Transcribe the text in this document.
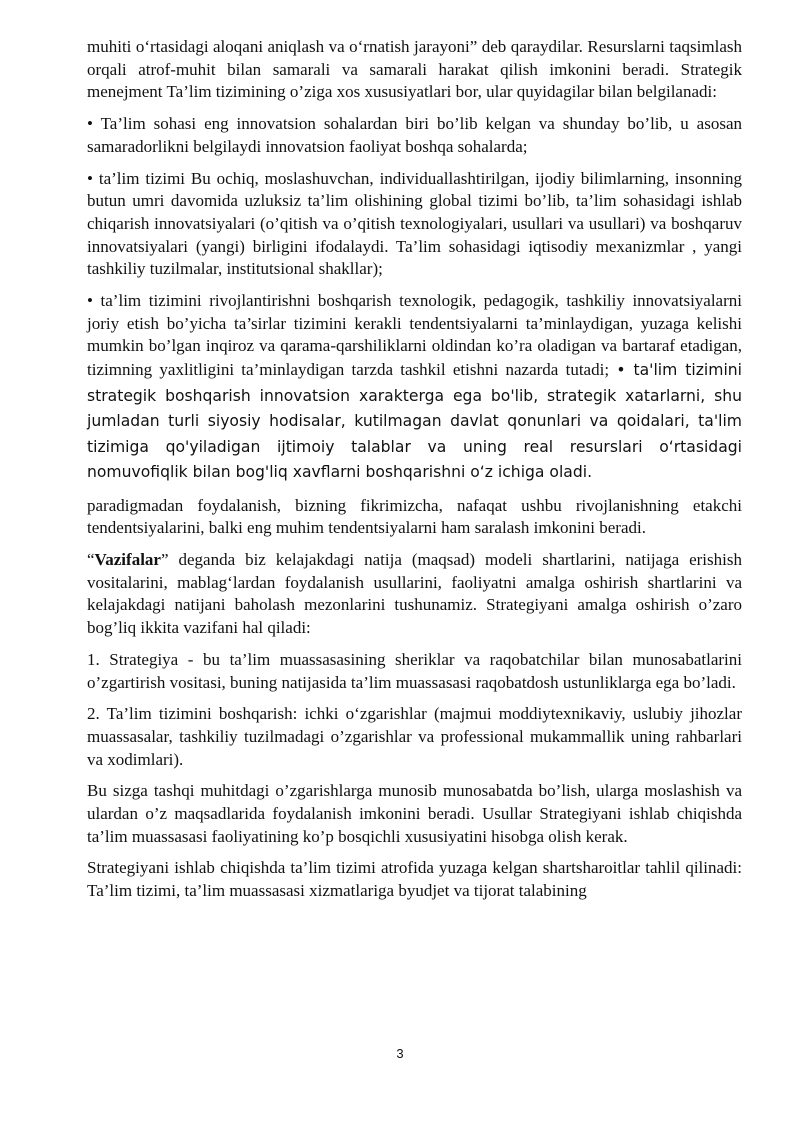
muhiti o‘rtasidagi aloqani aniqlash va o‘rnatish jarayoni” deb qaraydilar. Resurslarni taqsimlash orqali atrof-muhit bilan samarali va samarali harakat qilish imkonini beradi. Strategik menejment Ta’lim tizimining o’ziga xos xususiyatlari bor, ular quyidagilar bilan belgilanadi:

• Ta’lim sohasi eng innovatsion sohalardan biri bo’lib kelgan va shunday bo’lib, u asosan samaradorlikni belgilaydi innovatsion faoliyat boshqa sohalarda;

• ta’lim tizimi Bu ochiq, moslashuvchan, individuallashtirilgan, ijodiy bilimlarning, insonning butun umri davomida uzluksiz ta’lim olishining global tizimi bo’lib, ta’lim sohasidagi ishlab chiqarish innovatsiyalari (o’qitish va o’qitish texnologiyalari, usullari va usullari) va boshqaruv innovatsiyalari (yangi) birligini ifodalaydi. Ta’lim sohasidagi iqtisodiy mexanizmlar , yangi tashkiliy tuzilmalar, institutsional shakllar);

• ta’lim tizimini rivojlantirishni boshqarish texnologik, pedagogik, tashkiliy innovatsiyalarni joriy etish bo’yicha ta’sirlar tizimini kerakli tendentsiyalarni ta’minlaydigan, yuzaga kelishi mumkin bo’lgan inqiroz va qarama-qarshiliklarni oldindan ko’ra oladigan va bartaraf etadigan, tizimning yaxlitligini ta’minlaydigan tarzda tashkil etishni nazarda tutadi; • ta'lim tizimini strategik boshqarish innovatsion xarakterga ega bo'lib, strategik xatarlarni, shu jumladan turli siyosiy hodisalar, kutilmagan davlat qonunlari va qoidalari, ta'lim tizimiga qo'yiladigan ijtimoiy talablar va uning real resurslari o‘rtasidagi nomuvofiqlik bilan bog'liq xavflarni boshqarishni o‘z ichiga oladi.

paradigmadan foydalanish, bizning fikrimizcha, nafaqat ushbu rivojlanishning etakchi tendentsiyalarini, balki eng muhim tendentsiyalarni ham saralash imkonini beradi.

“Vazifalar” deganda biz kelajakdagi natija (maqsad) modeli shartlarini, natijaga erishish vositalarini, mablag‘lardan foydalanish usullarini, faoliyatni amalga oshirish shartlarini va kelajakdagi natijani baholash mezonlarini tushunamiz. Strategiyani amalga oshirish o’zaro bog’liq ikkita vazifani hal qiladi:

1. Strategiya - bu ta’lim muassasasining sheriklar va raqobatchilar bilan munosabatlarini o’zgartirish vositasi, buning natijasida ta’lim muassasasi raqobatdosh ustunliklarga ega bo’ladi.

2. Ta’lim tizimini boshqarish: ichki o‘zgarishlar (majmui moddiytexnikaviy, uslubiy jihozlar muassasalar, tashkiliy tuzilmadagi o’zgarishlar va professional mukammallik uning rahbarlari va xodimlari).

Bu sizga tashqi muhitdagi o’zgarishlarga munosib munosabatda bo’lish, ularga moslashish va ulardan o’z maqsadlarida foydalanish imkonini beradi. Usullar Strategiyani ishlab chiqishda ta’lim muassasasi faoliyatining ko’p bosqichli xususiyatini hisobga olish kerak.

Strategiyani ishlab chiqishda ta’lim tizimi atrofida yuzaga kelgan shartsharoitlar tahlil qilinadi: Ta’lim tizimi, ta’lim muassasasi xizmatlariga byudjet va tijorat talabining

3
